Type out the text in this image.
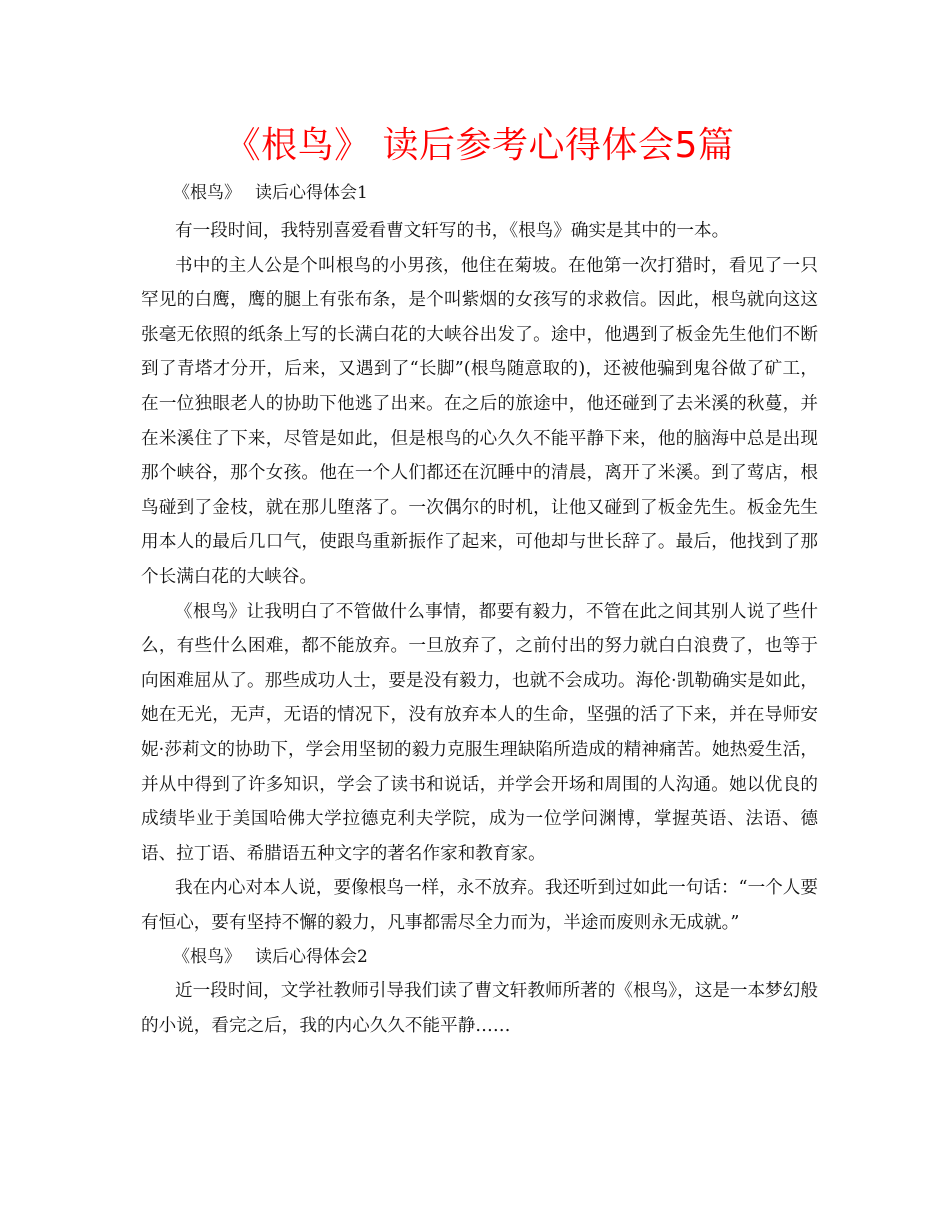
《根鸟》 读后参考心得体会5篇

《根鸟》 读后心得体会1

有一段时间，我特别喜爱看曹文轩写的书，《根鸟》确实是其中的一本。

书中的主人公是个叫根鸟的小男孩，他住在菊坡。在他第一次打猎时，看见了一只罕见的白鹰，鹰的腿上有张布条，是个叫紫烟的女孩写的求救信。因此，根鸟就向这这张毫无依照的纸条上写的长满白花的大峡谷出发了。途中，他遇到了板金先生他们不断到了青塔才分开，后来，又遇到了“长脚”(根鸟随意取的)，还被他骗到鬼谷做了矿工，在一位独眼老人的协助下他逃了出来。在之后的旅途中，他还碰到了去米溪的秋蔓，并在米溪住了下来，尽管是如此，但是根鸟的心久久不能平静下来，他的脑海中总是出现那个峡谷，那个女孩。他在一个人们都还在沉睡中的清晨，离开了米溪。到了莺店，根鸟碰到了金枝，就在那儿堕落了。一次偶尔的时机，让他又碰到了板金先生。板金先生用本人的最后几口气，使跟鸟重新振作了起来，可他却与世长辞了。最后，他找到了那个长满白花的大峡谷。

《根鸟》让我明白了不管做什么事情，都要有毅力，不管在此之间其别人说了些什么，有些什么困难，都不能放弃。一旦放弃了，之前付出的努力就白白浪费了，也等于向困难屈从了。那些成功人士，要是没有毅力，也就不会成功。海伦·凯勒确实是如此，她在无光，无声，无语的情况下，没有放弃本人的生命，坚强的活了下来，并在导师安妮·莎莉文的协助下，学会用坚韧的毅力克服生理缺陷所造成的精神痛苦。她热爱生活，并从中得到了许多知识，学会了读书和说话，并学会开场和周围的人沟通。她以优良的成绩毕业于美国哈佛大学拉德克利夫学院，成为一位学问渊博，掌握英语、法语、德语、拉丁语、希腊语五种文字的著名作家和教育家。

我在内心对本人说，要像根鸟一样，永不放弃。我还听到过如此一句话：“一个人要有恒心，要有坚持不懈的毅力，凡事都需尽全力而为，半途而废则永无成就。”

《根鸟》 读后心得体会2

近一段时间，文学社教师引导我们读了曹文轩教师所著的《根鸟》，这是一本梦幻般的小说，看完之后，我的内心久久不能平静……
